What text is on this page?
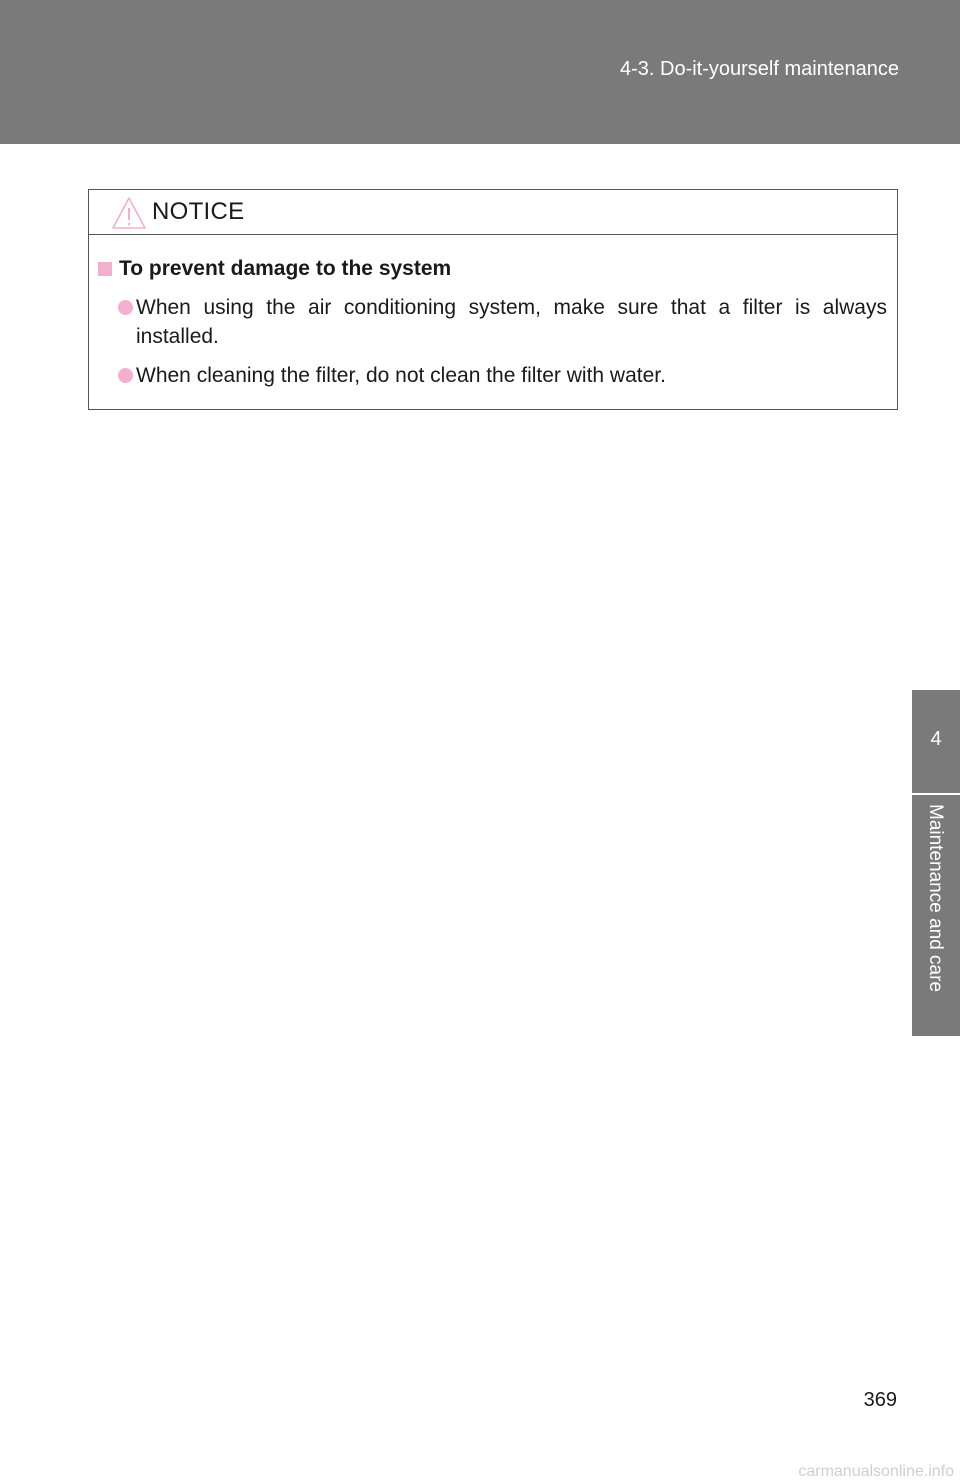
4-3. Do-it-yourself maintenance
4
Maintenance and care
NOTICE
To prevent damage to the system
When using the air conditioning system, make sure that a filter is always installed.
When cleaning the filter, do not clean the filter with water.
369
carmanualsonline.info
